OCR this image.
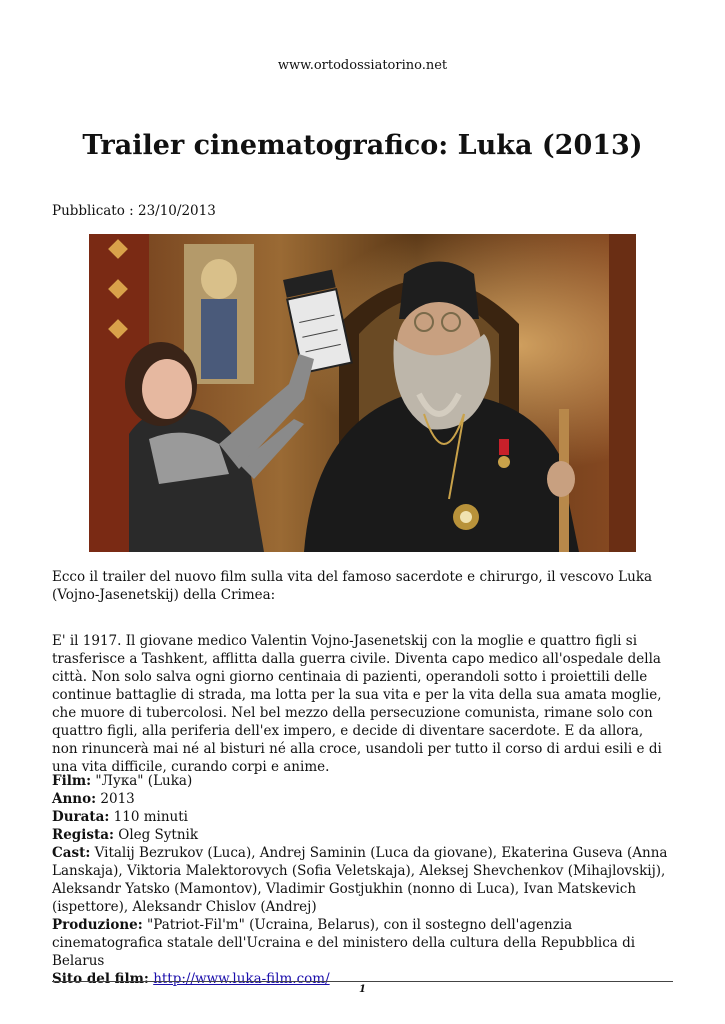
www.ortodossiatorino.net
Trailer cinematografico: Luka (2013)
Pubblicato : 23/10/2013

Ecco il trailer del nuovo film sulla vita del famoso sacerdote e chirurgo, il vescovo Luka (Vojno-Jasenetskij) della Crimea:

E' il 1917. Il giovane medico Valentin Vojno-Jasenetskij con la moglie e quattro figli si trasferisce a Tashkent, afflitta dalla guerra civile. Diventa capo medico all'ospedale della città. Non solo salva ogni giorno centinaia di pazienti, operandoli sotto i proiettili delle continue battaglie di strada, ma lotta per la sua vita e per la vita della sua amata moglie, che muore di tubercolosi. Nel bel mezzo della persecuzione comunista, rimane solo con quattro figli, alla periferia dell'ex impero, e decide di diventare sacerdote. E da allora, non rinuncerà mai né al bisturi né alla croce, usandoli per tutto il corso di ardui esili e di una vita difficile, curando corpi e anime.

Film: "Лука" (Luka)
Anno: 2013
Durata: 110 minuti
Regista: Oleg Sytnik
Cast: Vitalij Bezrukov (Luca), Andrej Saminin (Luca da giovane), Ekaterina Guseva (Anna Lanskaja), Viktoria Malektorovych (Sofia Veletskaja), Aleksej Shevchenkov (Mihajlovskij), Aleksandr Yatsko (Mamontov), Vladimir Gostjukhin (nonno di Luca), Ivan Matskevich (ispettore), Aleksandr Chislov (Andrej)
Produzione: "Patriot-Fil'm" (Ucraina, Belarus), con il sostegno dell'agenzia cinematografica statale dell'Ucraina e del ministero della cultura della Repubblica di Belarus
Sito del film: http://www.luka-film.com/
1
